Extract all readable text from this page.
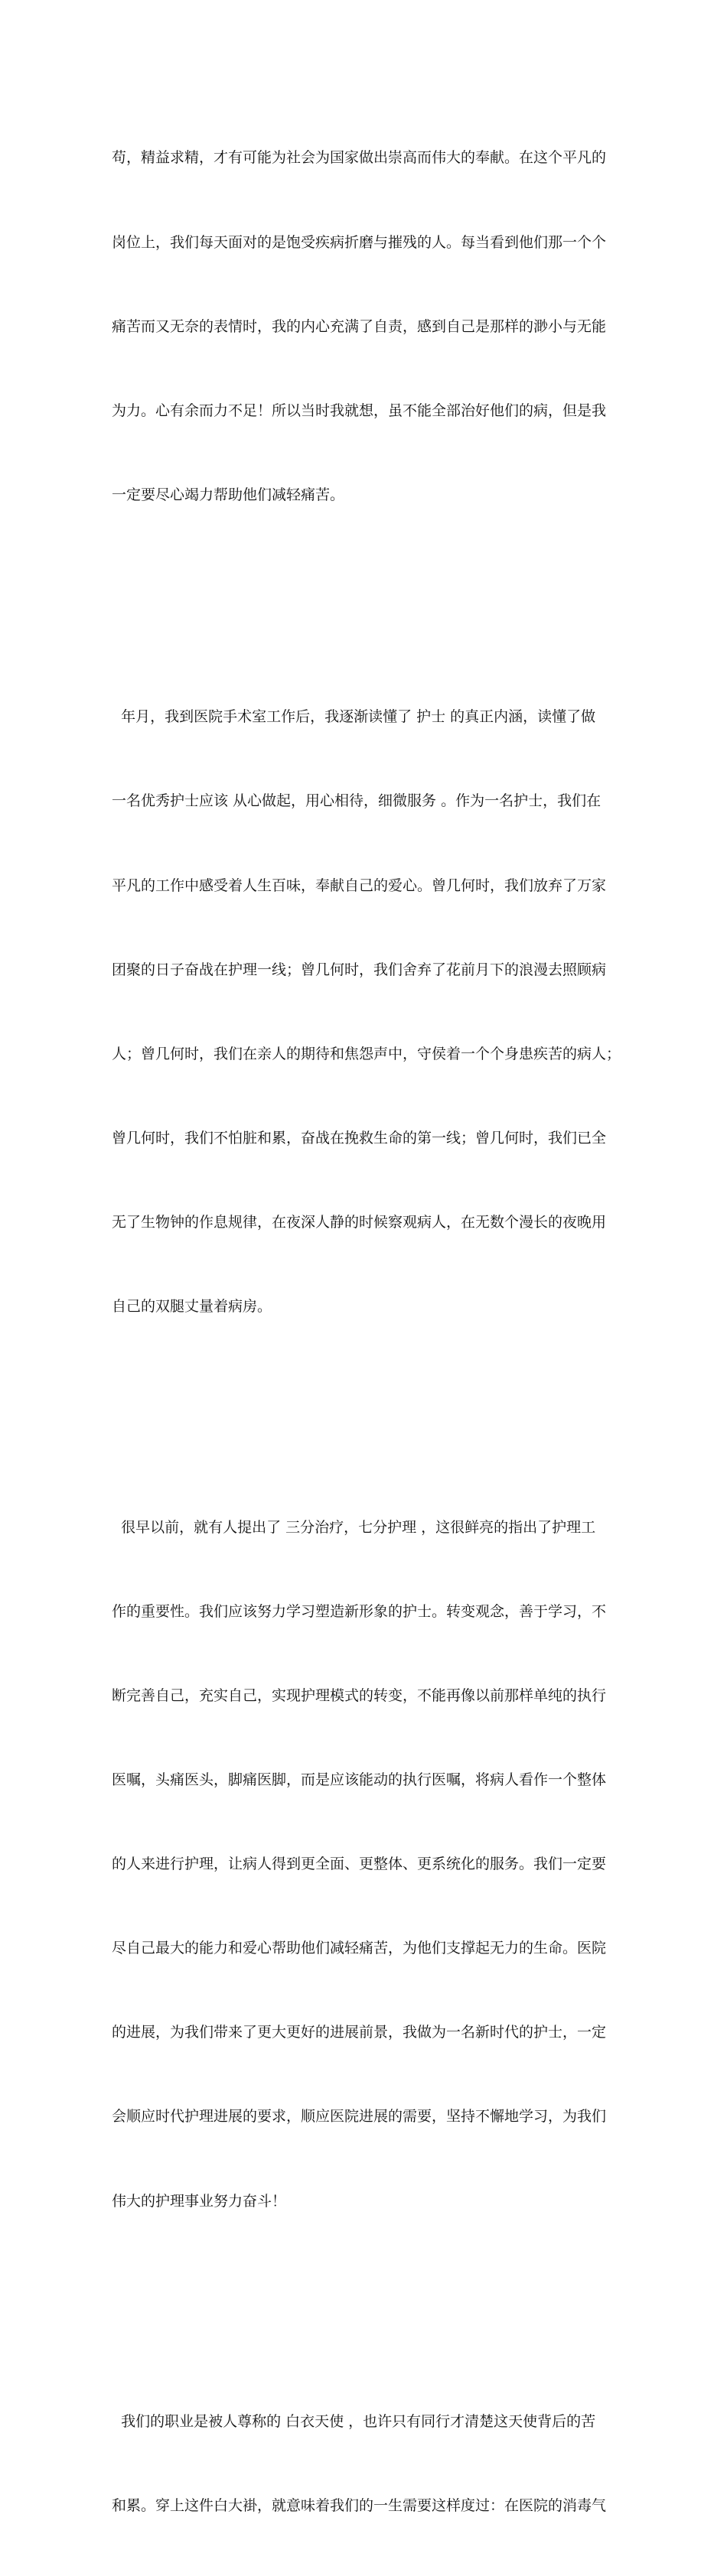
苟，精益求精，才有可能为社会为国家做出崇高而伟大的奉献。在这个平凡的

岗位上，我们每天面对的是饱受疾病折磨与摧残的人。每当看到他们那一个个

痛苦而又无奈的表情时，我的内心充满了自责，感到自己是那样的渺小与无能

为力。心有余而力不足！所以当时我就想，虽不能全部治好他们的病，但是我

一定要尽心竭力帮助他们减轻痛苦。

年月，我到医院手术室工作后，我逐渐读懂了 护士 的真正内涵，读懂了做

一名优秀护士应该 从心做起，用心相待，细微服务 。作为一名护士，我们在

平凡的工作中感受着人生百味，奉献自己的爱心。曾几何时，我们放弃了万家

团聚的日子奋战在护理一线；曾几何时，我们舍弃了花前月下的浪漫去照顾病

人；曾几何时，我们在亲人的期待和焦怨声中，守侯着一个个身患疾苦的病人；

曾几何时，我们不怕脏和累，奋战在挽救生命的第一线；曾几何时，我们已全

无了生物钟的作息规律，在夜深人静的时候察观病人，在无数个漫长的夜晚用

自己的双腿丈量着病房。

很早以前，就有人提出了 三分治疗，七分护理 ，这很鲜亮的指出了护理工

作的重要性。我们应该努力学习塑造新形象的护士。转变观念，善于学习，不

断完善自己，充实自己，实现护理模式的转变，不能再像以前那样单纯的执行

医嘱，头痛医头，脚痛医脚，而是应该能动的执行医嘱，将病人看作一个整体

的人来进行护理，让病人得到更全面、更整体、更系统化的服务。我们一定要

尽自己最大的能力和爱心帮助他们减轻痛苦，为他们支撑起无力的生命。医院

的进展，为我们带来了更大更好的进展前景，我做为一名新时代的护士，一定

会顺应时代护理进展的要求，顺应医院进展的需要，坚持不懈地学习，为我们

伟大的护理事业努力奋斗！

我们的职业是被人尊称的 白衣天使 ，也许只有同行才清楚这天使背后的苦

和累。穿上这件白大褂，就意味着我们的一生需要这样度过：在医院的消毒气
